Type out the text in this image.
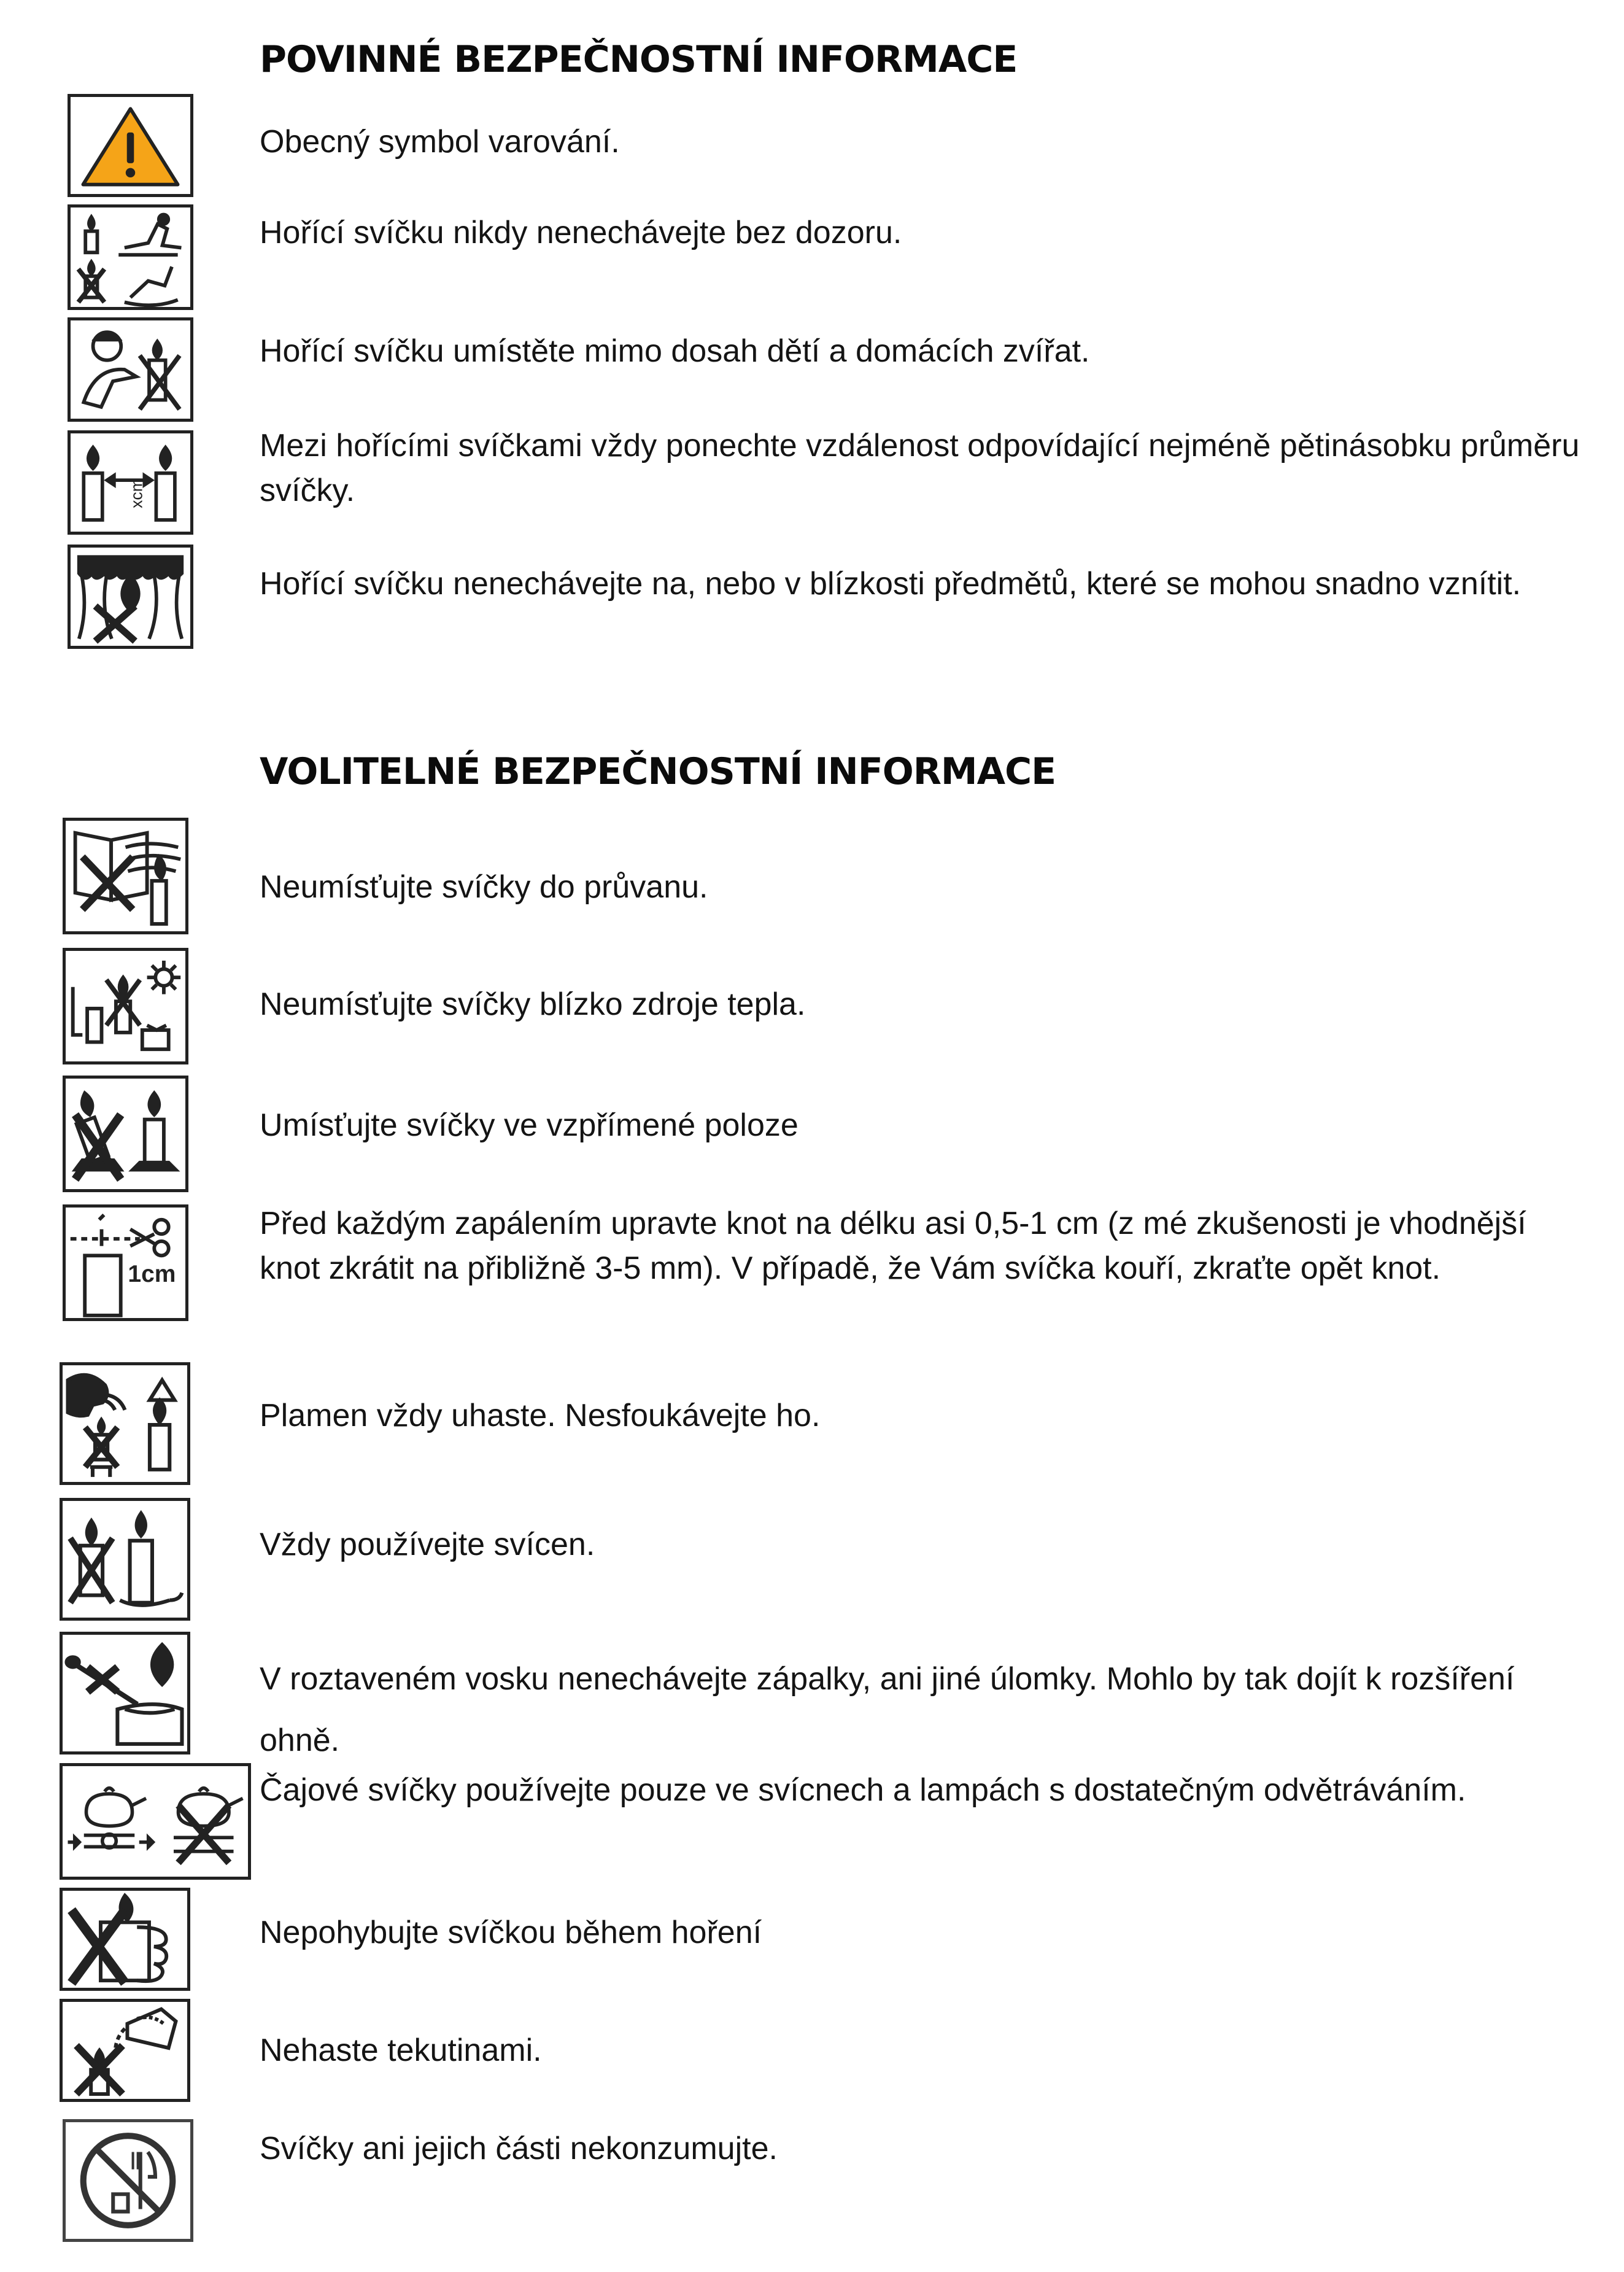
POVINNÉ BEZPEČNOSTNÍ INFORMACE
Obecný symbol varování.
Hořící svíčku nikdy nenechávejte bez dozoru.
Hořící svíčku umístěte mimo dosah dětí a domácích zvířat.
xcm
Mezi hořícími svíčkami vždy ponechte vzdálenost odpovídající nejméně pětinásobku průměru svíčky.
Hořící svíčku nenechávejte na, nebo v blízkosti předmětů, které se mohou snadno vznítit.
VOLITELNÉ BEZPEČNOSTNÍ INFORMACE
Neumísťujte svíčky do průvanu.
Neumísťujte svíčky blízko zdroje tepla.
Umísťujte svíčky ve vzpřímené poloze
1cm
Před každým zapálením upravte knot na délku asi 0,5-1 cm (z mé zkušenosti je vhodnější knot zkrátit na přibližně 3-5 mm). V případě, že Vám svíčka kouří, zkraťte opět knot.
Plamen vždy uhaste. Nesfoukávejte ho.
Vždy používejte svícen.
V roztaveném vosku nenechávejte zápalky, ani jiné úlomky. Mohlo by tak dojít k rozšíření ohně.
Čajové svíčky používejte pouze ve svícnech a lampách s dostatečným odvětráváním.
Nepohybujte svíčkou během hoření
Nehaste tekutinami.
Svíčky ani jejich části nekonzumujte.
